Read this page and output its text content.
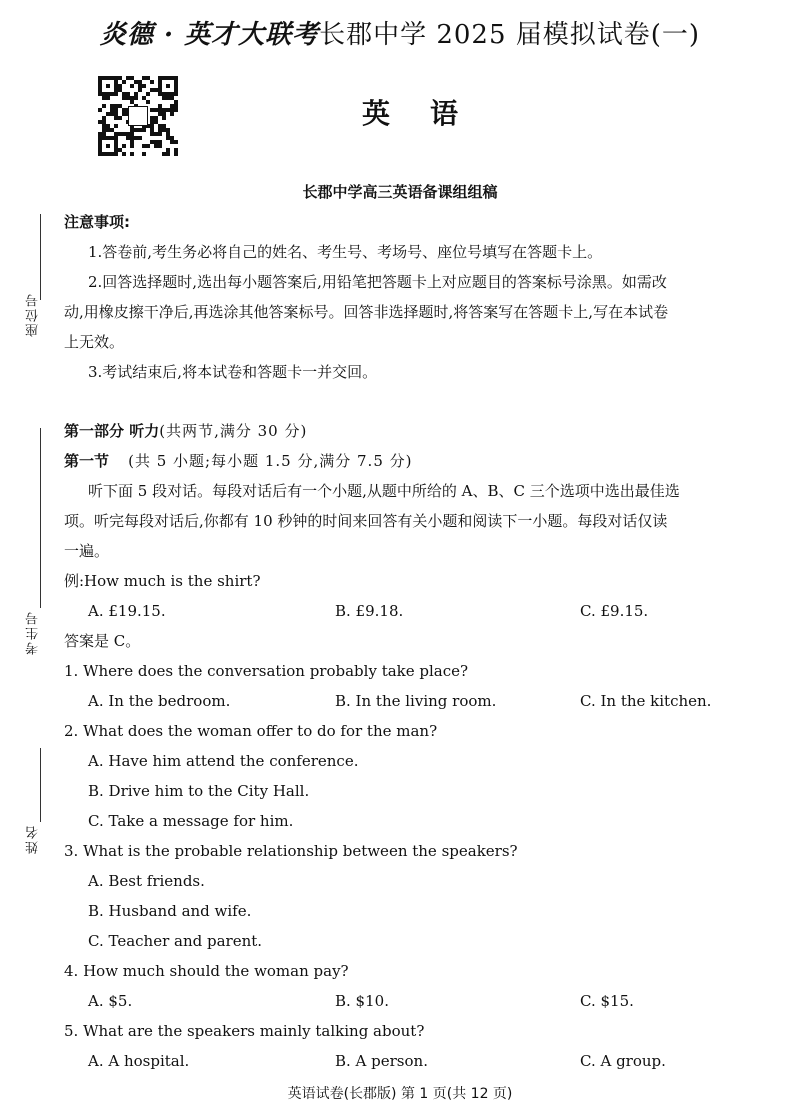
炎德 · 英才大联考长郡中学 2025 届模拟试卷(一)
英语
长郡中学高三英语备课组组稿
座位号
考生号
姓名
注意事项:
1.答卷前,考生务必将自己的姓名、考生号、考场号、座位号填写在答题卡上。
2.回答选择题时,选出每小题答案后,用铅笔把答题卡上对应题目的答案标号涂黑。如需改
动,用橡皮擦干净后,再选涂其他答案标号。回答非选择题时,将答案写在答题卡上,写在本试卷
上无效。
3.考试结束后,将本试卷和答题卡一并交回。
第一部分 听力(共两节,满分 30 分)
第一节 (共 5 小题;每小题 1.5 分,满分 7.5 分)
听下面 5 段对话。每段对话后有一个小题,从题中所给的 A、B、C 三个选项中选出最佳选
项。听完每段对话后,你都有 10 秒钟的时间来回答有关小题和阅读下一小题。每段对话仅读
一遍。
例:How much is the shirt?
A. £19.15.	B. £9.18.	C. £9.15.
答案是 C。
1. Where does the conversation probably take place?
A. In the bedroom.	B. In the living room.	C. In the kitchen.
2. What does the woman offer to do for the man?
A. Have him attend the conference.
B. Drive him to the City Hall.
C. Take a message for him.
3. What is the probable relationship between the speakers?
A. Best friends.
B. Husband and wife.
C. Teacher and parent.
4. How much should the woman pay?
A. $5.	B. $10.	C. $15.
5. What are the speakers mainly talking about?
A. A hospital.	B. A person.	C. A group.
英语试卷(长郡版) 第 1 页(共 12 页)
